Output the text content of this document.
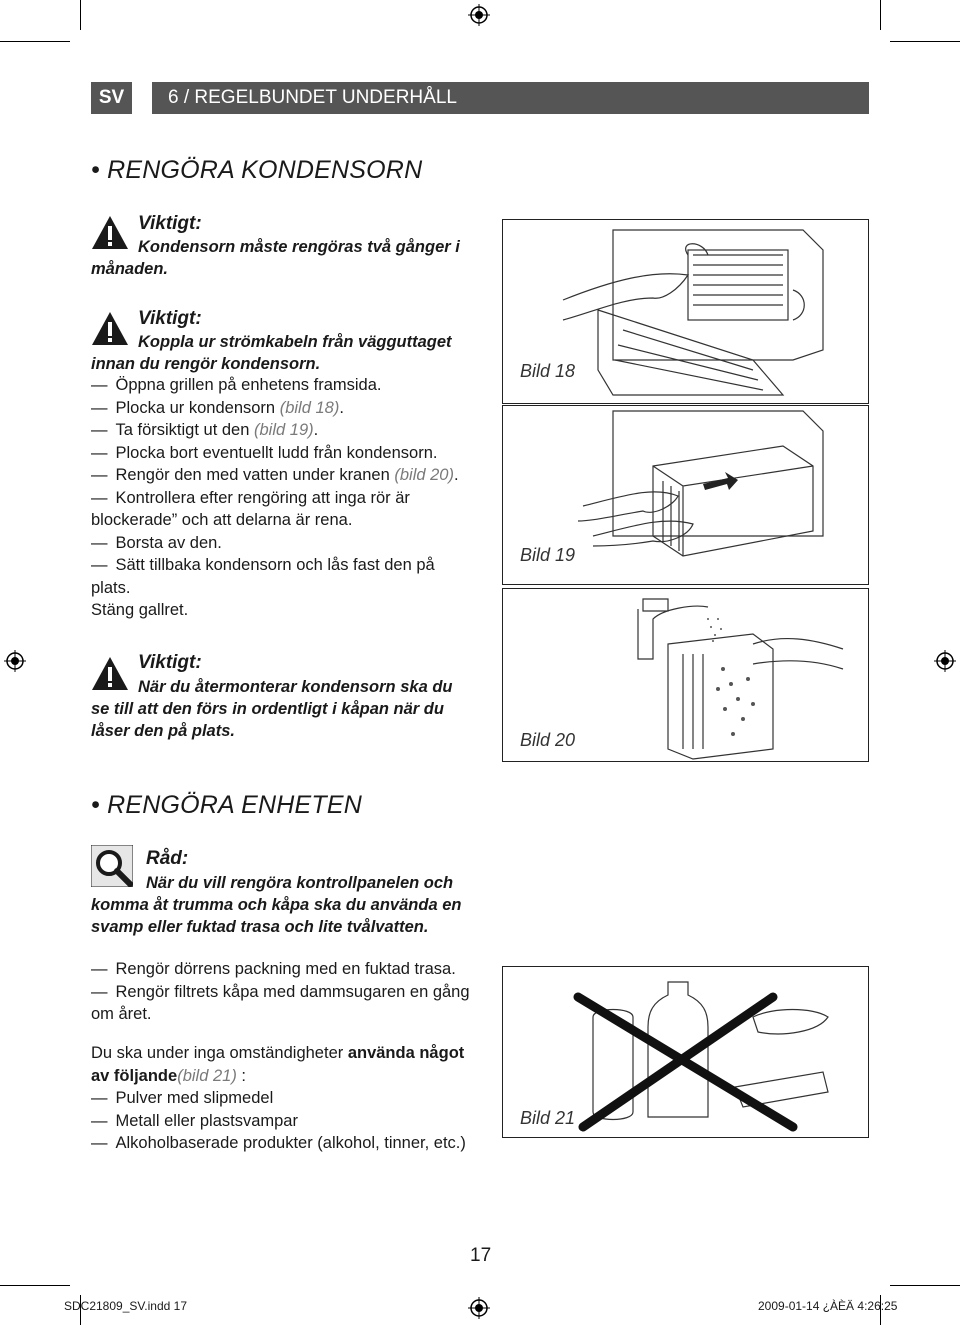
SV	6 / REGELBUNDET UNDERHÅLL
• RENGÖRA KONDENSORN
Viktigt:
Kondensorn måste rengöras två gånger i månaden.
Viktigt:
Koppla ur strömkabeln från vägguttaget innan du rengör kondensorn.
— Öppna grillen på enhetens framsida.
— Plocka ur kondensorn (bild 18).
— Ta försiktigt ut den (bild 19).
— Plocka bort eventuellt ludd från kondensorn.
— Rengör den med vatten under kranen (bild 20).
— Kontrollera efter rengöring att inga rör är blockerade” och att delarna är rena.
— Borsta av den.
— Sätt tillbaka kondensorn och lås fast den på plats.
Stäng gallret.
Viktigt:
När du återmonterar kondensorn ska du se till att den förs in ordentligt i kåpan när du låser den på plats.
Bild 18
Bild 19
Bild 20
• RENGÖRA ENHETEN
Råd:
När du vill rengöra kontrollpanelen och komma åt trumma och kåpa ska du använda en svamp eller fuktad trasa och lite tvålvatten.
— Rengör dörrens packning med en fuktad trasa.
— Rengör filtrets kåpa med dammsugaren en gång om året.
Du ska under inga omständigheter använda något av följande(bild 21) :
— Pulver med slipmedel
— Metall eller plastsvampar
— Alkoholbaserade produkter (alkohol, tinner, etc.)
Bild 21
17
SDC21809_SV.indd 17	2009-01-14 ¿ÀÈÄ 4:26:25
